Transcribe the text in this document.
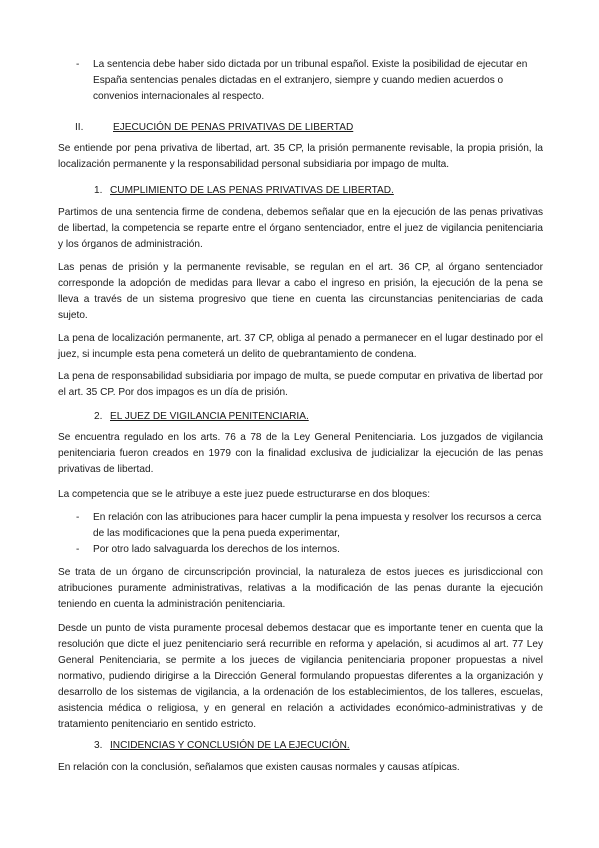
- La sentencia debe haber sido dictada por un tribunal español. Existe la posibilidad de ejecutar en España sentencias penales dictadas en el extranjero, siempre y cuando medien acuerdos o convenios internacionales al respecto.
II.	EJECUCIÓN DE PENAS PRIVATIVAS DE LIBERTAD

Se entiende por pena privativa de libertad, art. 35 CP, la prisión permanente revisable, la propia prisión, la localización permanente y la responsabilidad personal subsidiaria por impago de multa.

1. CUMPLIMIENTO DE LAS PENAS PRIVATIVAS DE LIBERTAD.

Partimos de una sentencia firme de condena, debemos señalar que en la ejecución de las penas privativas de libertad, la competencia se reparte entre el órgano sentenciador, entre el juez de vigilancia penitenciaria y los órganos de administración.

Las penas de prisión y la permanente revisable, se regulan en el art. 36 CP, al órgano sentenciador corresponde la adopción de medidas para llevar a cabo el ingreso en prisión, la ejecución de la pena se lleva a través de un sistema progresivo que tiene en cuenta las circunstancias penitenciarias de cada sujeto.

La pena de localización permanente, art. 37 CP, obliga al penado a permanecer en el lugar destinado por el juez, si incumple esta pena cometerá un delito de quebrantamiento de condena.

La pena de responsabilidad subsidiaria por impago de multa, se puede computar en privativa de libertad por el art. 35 CP. Por dos impagos es un día de prisión.

2. EL JUEZ DE VIGILANCIA PENITENCIARIA.

Se encuentra regulado en los arts. 76 a 78 de la Ley General Penitenciaria. Los juzgados de vigilancia penitenciaria fueron creados en 1979 con la finalidad exclusiva de judicializar la ejecución de las penas privativas de libertad.

La competencia que se le atribuye a este juez puede estructurarse en dos bloques:

- En relación con las atribuciones para hacer cumplir la pena impuesta y resolver los recursos a cerca de las modificaciones que la pena pueda experimentar,
- Por otro lado salvaguarda los derechos de los internos.

Se trata de un órgano de circunscripción provincial, la naturaleza de estos jueces es jurisdiccional con atribuciones puramente administrativas, relativas a la modificación de las penas durante la ejecución teniendo en cuenta la administración penitenciaria.

Desde un punto de vista puramente procesal debemos destacar que es importante tener en cuenta que la resolución que dicte el juez penitenciario será recurrible en reforma y apelación, si acudimos al art. 77 Ley General Penitenciaria, se permite a los jueces de vigilancia penitenciaria proponer propuestas a nivel normativo, pudiendo dirigirse a la Dirección General formulando propuestas diferentes a la organización y desarrollo de los sistemas de vigilancia, a la ordenación de los establecimientos, de los talleres, escuelas, asistencia médica o religiosa, y en general en relación a actividades económico-administrativas y de tratamiento penitenciario en sentido estricto.

3. INCIDENCIAS Y CONCLUSIÓN DE LA EJECUCIÓN.

En relación con la conclusión, señalamos que existen causas normales y causas atípicas.
